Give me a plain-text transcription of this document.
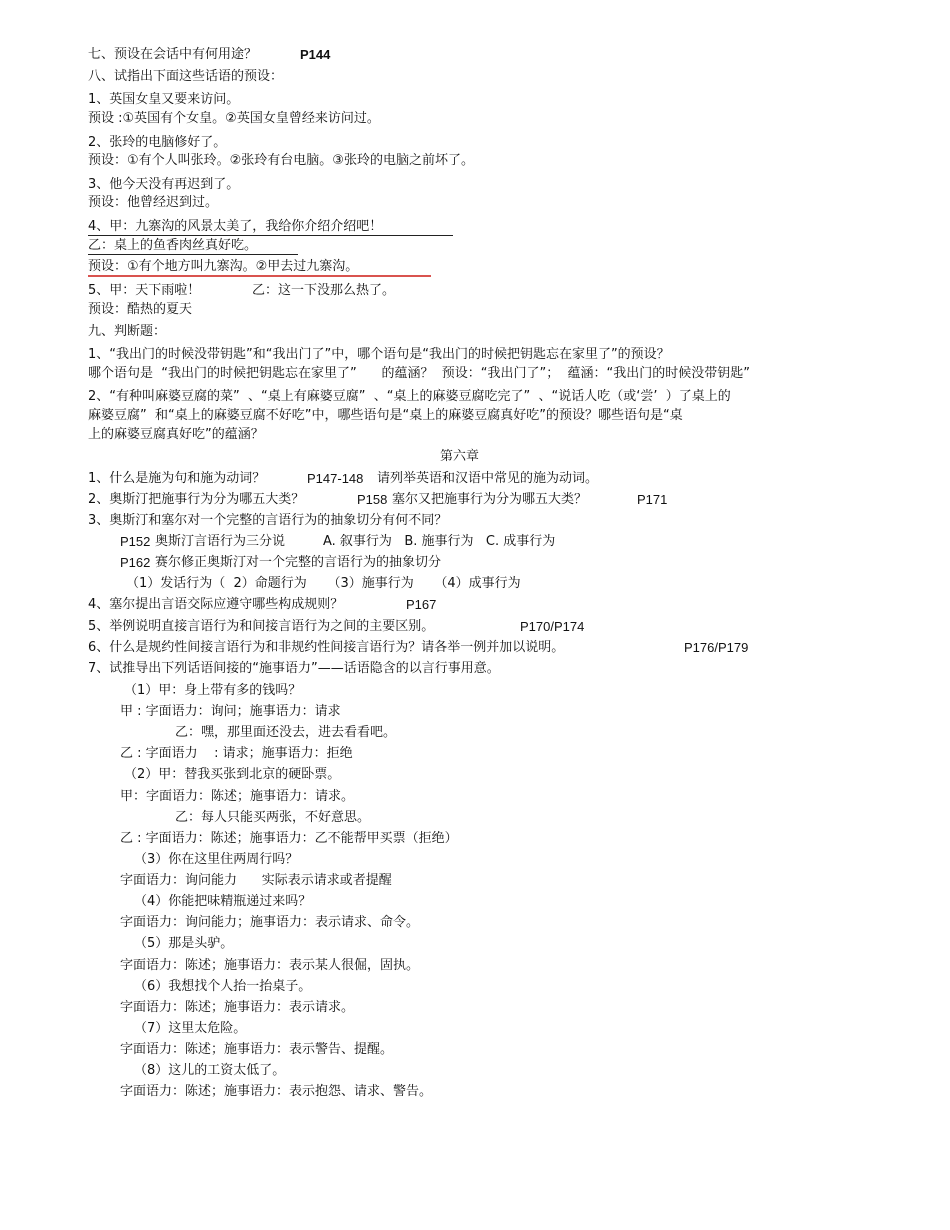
七、预设在会话中有何用途？	P144
八、试指出下面这些话语的预设：
1、英国女皇又要来访问。
预设 :①英国有个女皇。②英国女皇曾经来访问过。
2、张玲的电脑修好了。
预设：①有个人叫张玲。②张玲有台电脑。③张玲的电脑之前坏了。
3、他今天没有再迟到了。
预设：他曾经迟到过。
4、甲：九寨沟的风景太美了，我给你介绍介绍吧！
乙：桌上的鱼香肉丝真好吃。
预设：①有个地方叫九寨沟。②甲去过九寨沟。
5、甲：天下雨啦！	乙：这一下没那么热了。
预设：酷热的夏天
九、判断题：
1、“我出门的时候没带钥匙”和“我出门了”中，哪个语句是“我出门的时候把钥匙忘在家里了”的预设？
哪个语句是  “我出门的时候把钥匙忘在家里了”      的蕴涵？  预设：“我出门了”；  蕴涵：“我出门的时候没带钥匙”
2、“有种叫麻婆豆腐的菜”  、“桌上有麻婆豆腐”  、“桌上的麻婆豆腐吃完了”  、“说话人吃（或‘尝’  ）了桌上的
麻婆豆腐”  和“桌上的麻婆豆腐不好吃”中，哪些语句是“桌上的麻婆豆腐真好吃”的预设？哪些语句是“桌
上的麻婆豆腐真好吃”的蕴涵？
第六章
1、什么是施为句和施为动词？	P147-148 请列举英语和汉语中常见的施为动词。
2、奥斯汀把施事行为分为哪五大类？	P158 塞尔又把施事行为分为哪五大类？	P171
3、奥斯汀和塞尔对一个完整的言语行为的抽象切分有何不同？
P152 奥斯汀言语行为三分说	A. 叙事行为   B. 施事行为   C. 成事行为
P162 赛尔修正奥斯汀对一个完整的言语行为的抽象切分
（1）发话行为（  2）命题行为     （3）施事行为     （4）成事行为
4、塞尔提出言语交际应遵守哪些构成规则？	P167
5、举例说明直接言语行为和间接言语行为之间的主要区别。	P170/P174
6、什么是规约性间接言语行为和非规约性间接言语行为？请各举一例并加以说明。	P176/P179
7、试推导出下列话语间接的“施事语力”——话语隐含的以言行事用意。
（1）甲：身上带有多的钱吗？
甲 : 字面语力：询问；施事语力：请求
乙：嘿，那里面还没去，进去看看吧。
乙 : 字面语力    : 请求；施事语力：拒绝
（2）甲：替我买张到北京的硬卧票。
甲：字面语力：陈述；施事语力：请求。
乙：每人只能买两张，不好意思。
乙 : 字面语力：陈述；施事语力：乙不能帮甲买票（拒绝）
（3）你在这里住两周行吗？
字面语力：询问能力      实际表示请求或者提醒
（4）你能把味精瓶递过来吗？
字面语力：询问能力；施事语力：表示请求、命令。
（5）那是头驴。
字面语力：陈述；施事语力：表示某人很倔，固执。
（6）我想找个人抬一抬桌子。
字面语力：陈述；施事语力：表示请求。
（7）这里太危险。
字面语力：陈述；施事语力：表示警告、提醒。
（8）这儿的工资太低了。
字面语力：陈述；施事语力：表示抱怨、请求、警告。
